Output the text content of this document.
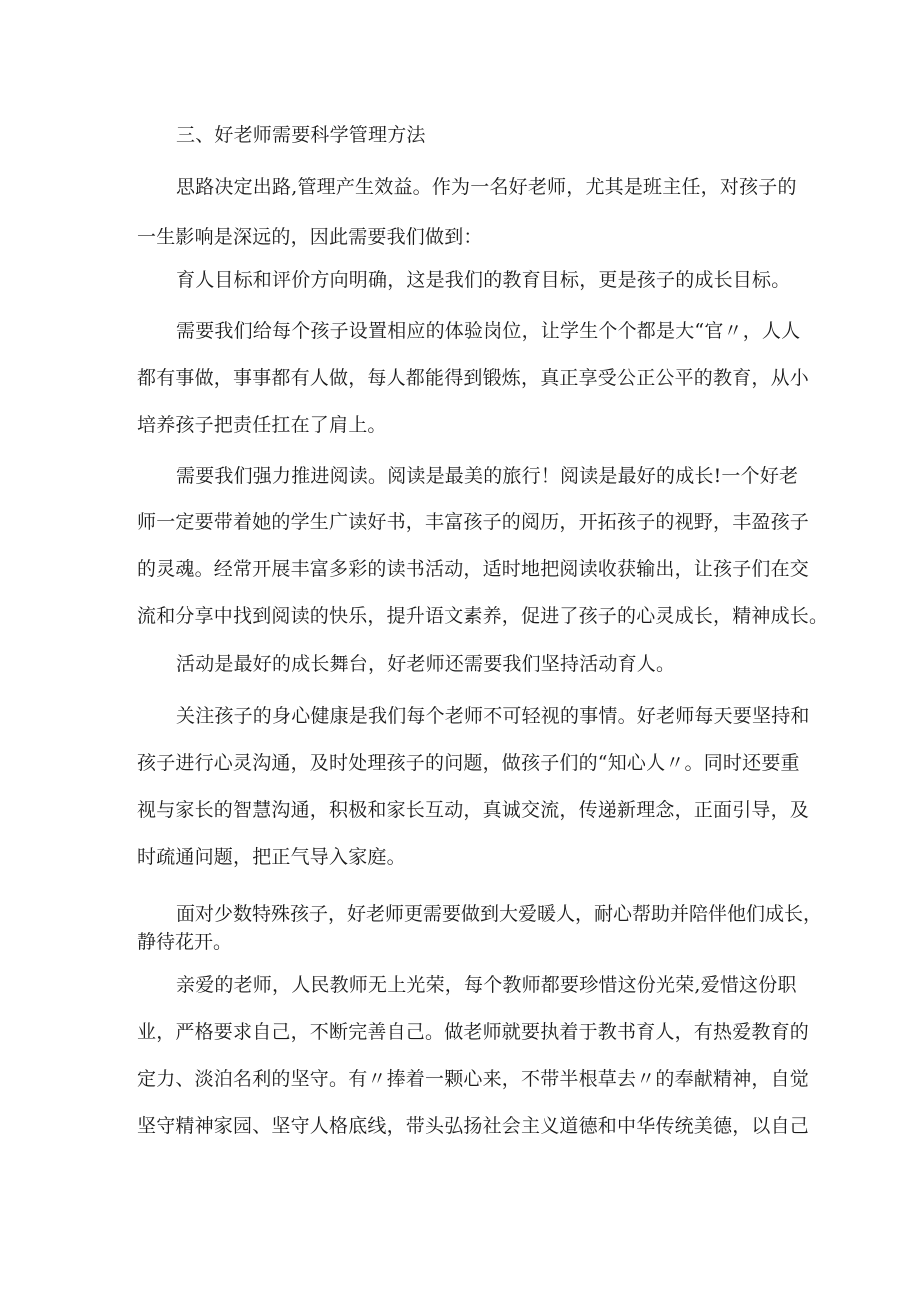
三、好老师需要科学管理方法
思路决定出路,管理产生效益。作为一名好老师，尤其是班主任，对孩子的
一生影响是深远的，因此需要我们做到：
育人目标和评价方向明确，这是我们的教育目标，更是孩子的成长目标。
需要我们给每个孩子设置相应的体验岗位，让学生个个都是大“官〃，人人
都有事做，事事都有人做，每人都能得到锻炼，真正享受公正公平的教育，从小
培养孩子把责任扛在了肩上。
需要我们强力推进阅读。阅读是最美的旅行！阅读是最好的成长!一个好老
师一定要带着她的学生广读好书，丰富孩子的阅历，开拓孩子的视野，丰盈孩子
的灵魂。经常开展丰富多彩的读书活动，适时地把阅读收获输出，让孩子们在交
流和分享中找到阅读的快乐，提升语文素养，促进了孩子的心灵成长，精神成长。
活动是最好的成长舞台，好老师还需要我们坚持活动育人。
关注孩子的身心健康是我们每个老师不可轻视的事情。好老师每天要坚持和
孩子进行心灵沟通，及时处理孩子的问题，做孩子们的“知心人〃。同时还要重
视与家长的智慧沟通，积极和家长互动，真诚交流，传递新理念，正面引导，及
时疏通问题，把正气导入家庭。
面对少数特殊孩子，好老师更需要做到大爱暖人，耐心帮助并陪伴他们成长，
静待花开。
亲爱的老师，人民教师无上光荣，每个教师都要珍惜这份光荣,爱惜这份职
业，严格要求自己，不断完善自己。做老师就要执着于教书育人，有热爱教育的
定力、淡泊名利的坚守。有〃捧着一颗心来，不带半根草去〃的奉献精神，自觉
坚守精神家园、坚守人格底线，带头弘扬社会主义道德和中华传统美德，以自己
